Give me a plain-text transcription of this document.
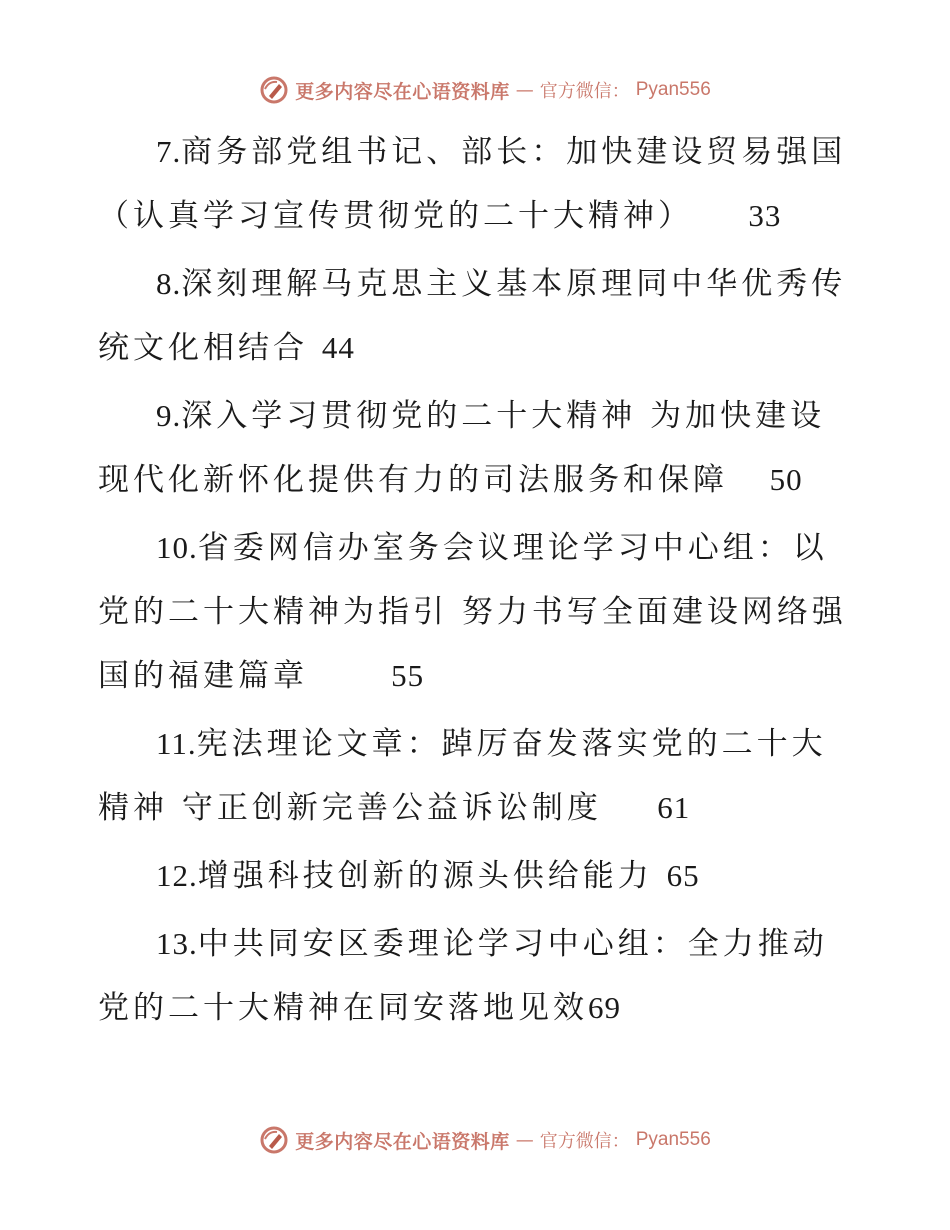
更多内容尽在心语资料库 — 官方微信： Pyan556

7.商务部党组书记、部长：加快建设贸易强国（认真学习宣传贯彻党的二十大精神） 33

8.深刻理解马克思主义基本原理同中华优秀传统文化相结合 44

9.深入学习贯彻党的二十大精神 为加快建设现代化新怀化提供有力的司法服务和保障 50

10.省委网信办室务会议理论学习中心组：以党的二十大精神为指引 努力书写全面建设网络强国的福建篇章	55

11.宪法理论文章：踔厉奋发落实党的二十大精神 守正创新完善公益诉讼制度 61

12.增强科技创新的源头供给能力 65

13.中共同安区委理论学习中心组：全力推动党的二十大精神在同安落地见效69

更多内容尽在心语资料库 — 官方微信： Pyan556
